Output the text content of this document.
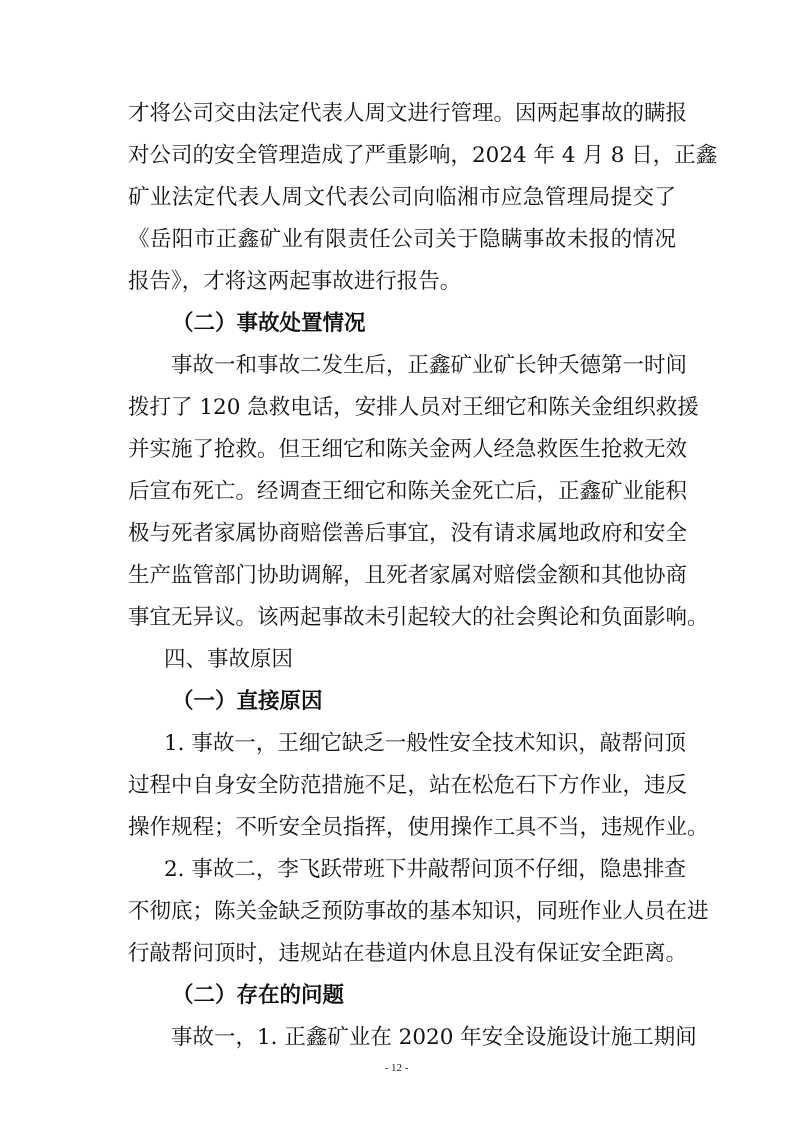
才将公司交由法定代表人周文进行管理。因两起事故的瞒报
对公司的安全管理造成了严重影响，2024 年 4 月 8 日，正鑫
矿业法定代表人周文代表公司向临湘市应急管理局提交了
《岳阳市正鑫矿业有限责任公司关于隐瞒事故未报的情况
报告》，才将这两起事故进行报告。
（二）事故处置情况
事故一和事故二发生后，正鑫矿业矿长钟夭德第一时间
拨打了 120 急救电话，安排人员对王细它和陈关金组织救援
并实施了抢救。但王细它和陈关金两人经急救医生抢救无效
后宣布死亡。经调查王细它和陈关金死亡后，正鑫矿业能积
极与死者家属协商赔偿善后事宜，没有请求属地政府和安全
生产监管部门协助调解，且死者家属对赔偿金额和其他协商
事宜无异议。该两起事故未引起较大的社会舆论和负面影响。
四、事故原因
（一）直接原因
1. 事故一，王细它缺乏一般性安全技术知识，敲帮问顶
过程中自身安全防范措施不足，站在松危石下方作业，违反
操作规程；不听安全员指挥，使用操作工具不当，违规作业。
2. 事故二，李飞跃带班下井敲帮问顶不仔细，隐患排查
不彻底；陈关金缺乏预防事故的基本知识，同班作业人员在进
行敲帮问顶时，违规站在巷道内休息且没有保证安全距离。
（二）存在的问题
事故一，1. 正鑫矿业在 2020 年安全设施设计施工期间
- 12 -
